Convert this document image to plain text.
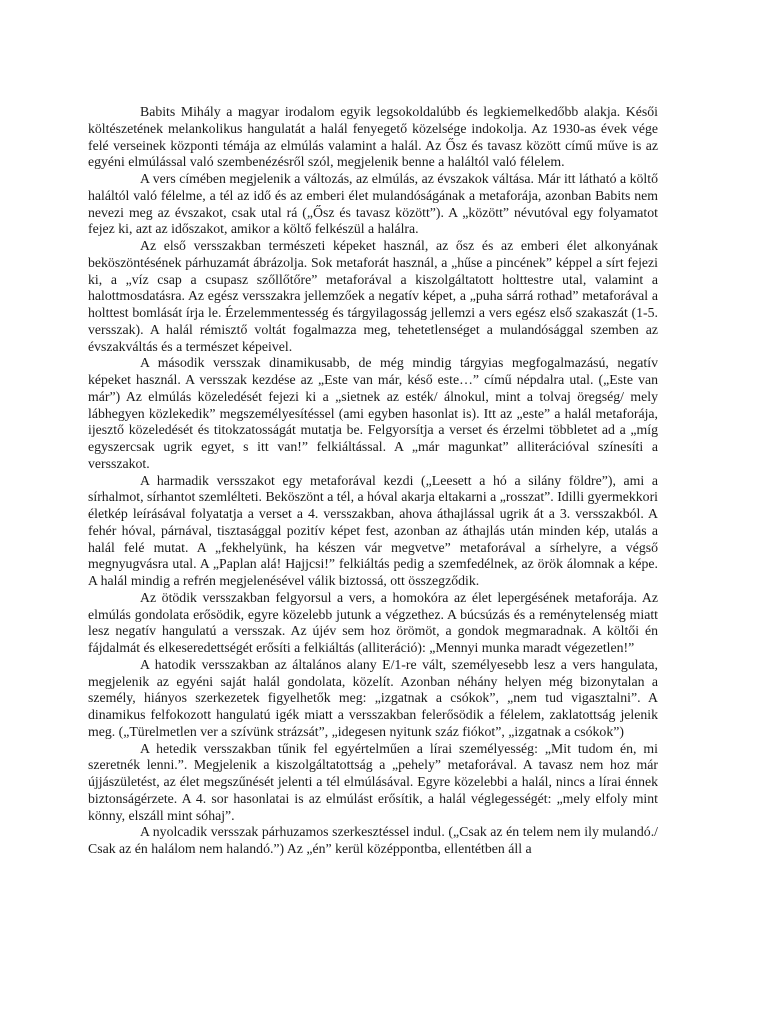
Babits Mihály a magyar irodalom egyik legsokoldalúbb és legkiemelkedőbb alakja. Késői költészetének melankolikus hangulatát a halál fenyegető közelsége indokolja. Az 1930-as évek vége felé verseinek központi témája az elmúlás valamint a halál. Az Ősz és tavasz között című műve is az egyéni elmúlással való szembenézésről szól, megjelenik benne a haláltól való félelem.

A vers címében megjelenik a változás, az elmúlás, az évszakok váltása. Már itt látható a költő haláltól való félelme, a tél az idő és az emberi élet mulandóságának a metaforája, azonban Babits nem nevezi meg az évszakot, csak utal rá („Ősz és tavasz között”). A „között” névutóval egy folyamatot fejez ki, azt az időszakot, amikor a költő felkészül a halálra.

Az első versszakban természeti képeket használ, az ősz és az emberi élet alkonyának beköszöntésének párhuzamát ábrázolja. Sok metaforát használ, a „hűse a pincének” képpel a sírt fejezi ki, a „víz csap a csupasz szőllőtőre” metaforával a kiszolgáltatott holttestre utal, valamint a halottmosdatásra. Az egész versszakra jellemzőek a negatív képet, a „puha sárrá rothad” metaforával a holttest bomlását írja le. Érzelemmentesség és tárgyilagosság jellemzi a vers egész első szakaszát (1-5. versszak). A halál rémisztő voltát fogalmazza meg, tehetetlenséget a mulandósággal szemben az évszakváltás és a természet képeivel.

A második versszak dinamikusabb, de még mindig tárgyias megfogalmazású, negatív képeket használ. A versszak kezdése az „Este van már, késő este…” című népdalra utal. („Este van már”) Az elmúlás közeledését fejezi ki a „sietnek az esték/ álnokul, mint a tolvaj öregség/ mely lábhegyen közlekedik” megszemélyesítéssel (ami egyben hasonlat is). Itt az „este” a halál metaforája, ijesztő közeledését és titokzatosságát mutatja be. Felgyorsítja a verset és érzelmi többletet ad a „míg egyszercsak ugrik egyet, s itt van!” felkiáltással. A „már magunkat” alliterációval színesíti a versszakot.

A harmadik versszakot egy metaforával kezdi („Leesett a hó a silány földre”), ami a sírhalmot, sírhantot szemlélteti. Beköszönt a tél, a hóval akarja eltakarni a „rosszat”. Idilli gyermekkori életkép leírásával folyatatja a verset a 4. versszakban, ahova áthajlással ugrik át a 3. versszakból. A fehér hóval, párnával, tisztasággal pozitív képet fest, azonban az áthajlás után minden kép, utalás a halál felé mutat. A „fekhelyünk, ha készen vár megvetve” metaforával a sírhelyre, a végső megnyugvásra utal. A „Paplan alá! Hajjcsi!” felkiáltás pedig a szemfedélnek, az örök álomnak a képe. A halál mindig a refrén megjelenésével válik biztossá, ott összegződik.

Az ötödik versszakban felgyorsul a vers, a homokóra az élet lepergésének metaforája. Az elmúlás gondolata erősödik, egyre közelebb jutunk a végzethez. A búcsúzás és a reménytelenség miatt lesz negatív hangulatú a versszak. Az újév sem hoz örömöt, a gondok megmaradnak. A költői én fájdalmát és elkeseredettségét erősíti a felkiáltás (alliteráció): „Mennyi munka maradt végezetlen!”

A hatodik versszakban az általános alany E/1-re vált, személyesebb lesz a vers hangulata, megjelenik az egyéni saját halál gondolata, közelít. Azonban néhány helyen még bizonytalan a személy, hiányos szerkezetek figyelhetők meg: „izgatnak a csókok”, „nem tud vigasztalni”. A dinamikus felfokozott hangulatú igék miatt a versszakban felerősödik a félelem, zaklatottság jelenik meg. („Türelmetlen ver a szívünk strázsát”, „idegesen nyitunk száz fiókot”, „izgatnak a csókok”)

A hetedik versszakban tűnik fel egyértelműen a lírai személyesség: „Mit tudom én, mi szeretnék lenni.”. Megjelenik a kiszolgáltatottság a „pehely” metaforával. A tavasz nem hoz már újjászületést, az élet megszűnését jelenti a tél elmúlásával. Egyre közelebbi a halál, nincs a lírai énnek biztonságérzete. A 4. sor hasonlatai is az elmúlást erősítik, a halál véglegességét: „mely elfoly mint könny, elszáll mint sóhaj”.

A nyolcadik versszak párhuzamos szerkesztéssel indul. („Csak az én telem nem ily mulandó./ Csak az én halálom nem halandó.”) Az „én” kerül középpontba, ellentétben áll a
